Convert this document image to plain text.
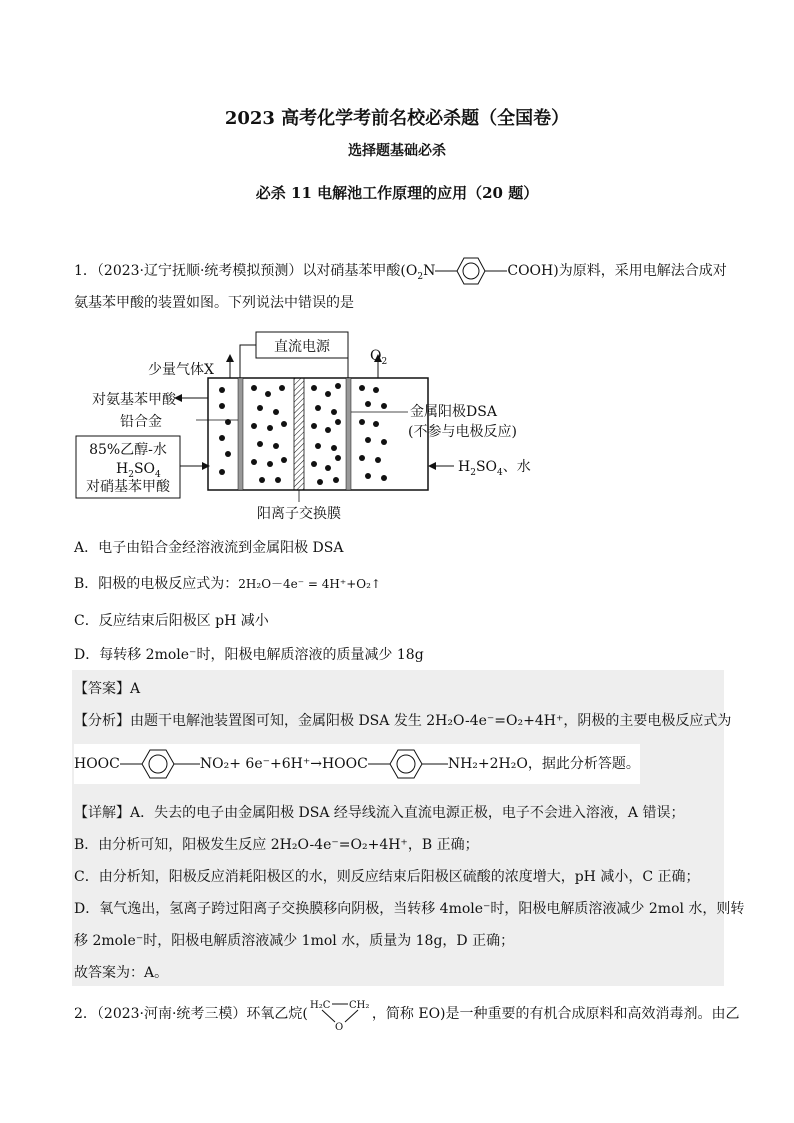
2023 高考化学考前名校必杀题（全国卷）
选择题基础必杀
必杀 11 电解池工作原理的应用（20 题）
1．（2023·辽宁抚顺·统考模拟预测）以对硝基苯甲酸($O_2N$	COOH)为原料，采用电解法合成对
氨基苯甲酸的装置如图。下列说法中错误的是
直流电源
少量气体X
$O_2$
对氨基苯甲酸
铅合金
85%乙醇-水
$H_2SO_4$
对硝基苯甲酸
金属阳极DSA
(不参与电极反应)
$H_2SO_4$、水
阳离子交换膜
A．电子由铅合金经溶液流到金属阳极 DSA
B．阳极的电极反应式为：2H₂O－4e⁻ = 4H⁺+O₂↑
C．反应结束后阳极区 pH 减小
D．每转移 2mole⁻时，阳极电解质溶液的质量减少 18g
【答案】A
【分析】由题干电解池装置图可知，金属阳极 DSA 发生 2H₂O-4e⁻=O₂+4H⁺，阴极的主要电极反应式为
HOOC	NO₂+ 6e⁻+6H⁺→HOOC	NH₂+2H₂O，据此分析答题。
【详解】A．失去的电子由金属阳极 DSA 经导线流入直流电源正极，电子不会进入溶液，A 错误；
B．由分析可知，阳极发生反应 2H₂O-4e⁻=O₂+4H⁺，B 正确；
C．由分析知，阳极反应消耗阳极区的水，则反应结束后阳极区硫酸的浓度增大，pH 减小，C 正确；
D．氧气逸出，氢离子跨过阳离子交换膜移向阴极，当转移 4mole⁻时，阳极电解质溶液减少 2mol 水，则转
移 2mole⁻时，阳极电解质溶液减少 1mol 水，质量为 18g，D 正确；
故答案为：A。
2．（2023·河南·统考三模）环氧乙烷(
H₂C CH₂
O
，简称 EO)是一种重要的有机合成原料和高效消毒剂。由乙
